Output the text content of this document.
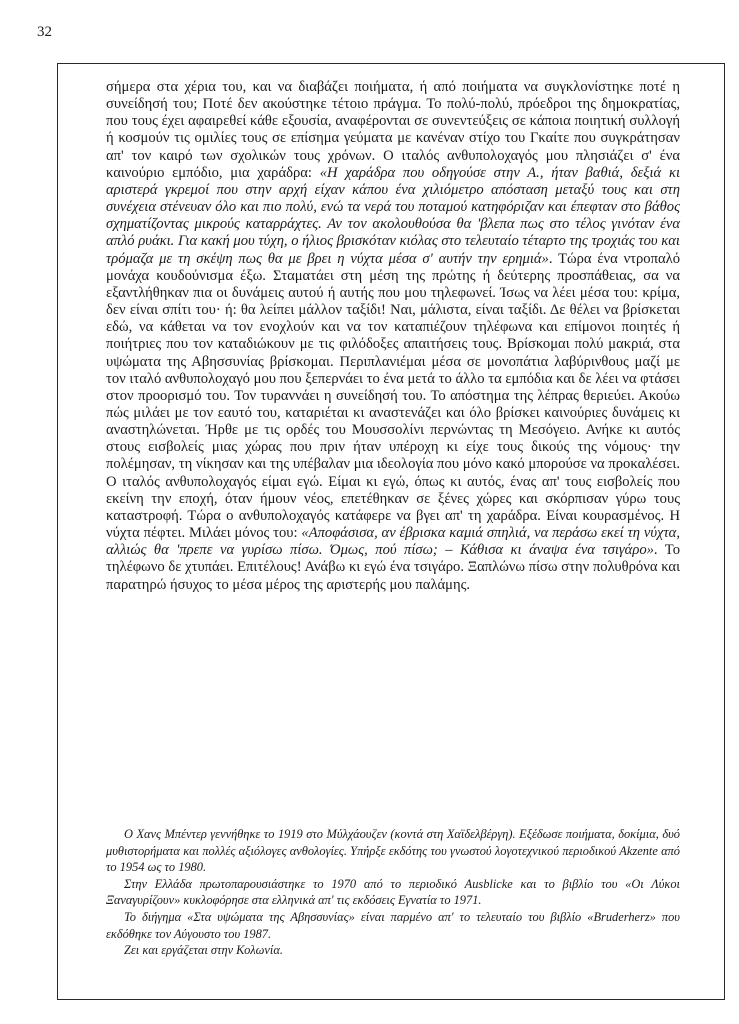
32

σήμερα στα χέρια του, και να διαβάζει ποιήματα, ή από ποιήματα να συγκλονίστηκε ποτέ η συνείδησή του; Ποτέ δεν ακούστηκε τέτοιο πράγμα. Το πολύ-πολύ, πρόεδροι της δημοκρατίας, που τους έχει αφαιρεθεί κάθε εξουσία, αναφέρονται σε συνεντεύξεις σε κάποια ποιητική συλλογή ή κοσμούν τις ομιλίες τους σε επίσημα γεύματα με κανέναν στίχο του Γκαίτε που συγκράτησαν απ' τον καιρό των σχολικών τους χρόνων. Ο ιταλός ανθυπολοχαγός μου πλησιάζει σ' ένα καινούριο εμπόδιο, μια χαράδρα: «Η χαράδρα που οδηγούσε στην Α., ήταν βαθιά, δεξιά κι αριστερά γκρεμοί που στην αρχή είχαν κάπου ένα χιλιόμετρο απόσταση μεταξύ τους και στη συνέχεια στένευαν όλο και πιο πολύ, ενώ τα νερά του ποταμού κατηφόριζαν και έπεφταν στο βάθος σχηματίζοντας μικρούς καταρράχτες. Αν τον ακολουθούσα θα 'βλεπα πως στο τέλος γινόταν ένα απλό ρυάκι. Για κακή μου τύχη, ο ήλιος βρισκόταν κιόλας στο τελευταίο τέταρτο της τροχιάς του και τρόμαζα με τη σκέψη πως θα με βρει η νύχτα μέσα σ' αυτήν την ερημιά». Τώρα ένα ντροπαλό μονάχα κουδούνισμα έξω. Σταματάει στη μέση της πρώτης ή δεύτερης προσπάθειας, σα να εξαντλήθηκαν πια οι δυνάμεις αυτού ή αυτής που μου τηλεφωνεί. Ίσως να λέει μέσα του: κρίμα, δεν είναι σπίτι του· ή: θα λείπει μάλλον ταξίδι! Ναι, μάλιστα, είναι ταξίδι. Δε θέλει να βρίσκεται εδώ, να κάθεται να τον ενοχλούν και να τον καταπιέζουν τηλέφωνα και επίμονοι ποιητές ή ποιήτριες που τον καταδιώκουν με τις φιλόδοξες απαιτήσεις τους. Βρίσκομαι πολύ μακριά, στα υψώματα της Αβησσυνίας βρίσκομαι. Περιπλανιέμαι μέσα σε μονοπάτια λαβύρινθους μαζί με τον ιταλό ανθυπολοχαγό μου που ξεπερνάει το ένα μετά το άλλο τα εμπόδια και δε λέει να φτάσει στον προορισμό του. Τον τυραννάει η συνείδησή του. Το απόστημα της λέπρας θεριεύει. Ακούω πώς μιλάει με τον εαυτό του, καταριέται κι αναστενάζει και όλο βρίσκει καινούριες δυνάμεις κι αναστηλώνεται. Ήρθε με τις ορδές του Μουσσολίνι περνώντας τη Μεσόγειο. Ανήκε κι αυτός στους εισβολείς μιας χώρας που πριν ήταν υπέροχη κι είχε τους δικούς της νόμους· την πολέμησαν, τη νίκησαν και της υπέβαλαν μια ιδεολογία που μόνο κακό μπορούσε να προκαλέσει. Ο ιταλός ανθυπολοχαγός είμαι εγώ. Είμαι κι εγώ, όπως κι αυτός, ένας απ' τους εισβολείς που εκείνη την εποχή, όταν ήμουν νέος, επετέθηκαν σε ξένες χώρες και σκόρπισαν γύρω τους καταστροφή. Τώρα ο ανθυπολοχαγός κατάφερε να βγει απ' τη χαράδρα. Είναι κουρασμένος. Η νύχτα πέφτει. Μιλάει μόνος του: «Αποφάσισα, αν έβρισκα καμιά σπηλιά, να περάσω εκεί τη νύχτα, αλλιώς θα 'πρεπε να γυρίσω πίσω. Όμως, πού πίσω; – Κάθισα κι άναψα ένα τσιγάρο». Το τηλέφωνο δε χτυπάει. Επιτέλους! Ανάβω κι εγώ ένα τσιγάρο. Ξαπλώνω πίσω στην πολυθρόνα και παρατηρώ ήσυχος το μέσα μέρος της αριστερής μου παλάμης.

Ο Χανς Μπέντερ γεννήθηκε το 1919 στο Μύλχάουζεν (κοντά στη Χαϊδελβέργη). Εξέδωσε ποιήματα, δοκίμια, δυό μυθιστορήματα και πολλές αξιόλογες ανθολογίες. Υπήρξε εκδότης του γνωστού λογοτεχνικού περιοδικού Akzente από το 1954 ως το 1980.

Στην Ελλάδα πρωτοπαρουσιάστηκε το 1970 από το περιοδικό Ausblicke και το βιβλίο του «Οι Λύκοι Ξαναγυρίζουν» κυκλοφόρησε στα ελληνικά απ' τις εκδόσεις Εγνατία το 1971.

Το διήγημα «Στα υψώματα της Αβησσυνίας» είναι παρμένο απ' το τελευταίο του βιβλίο «Bruderherz» που εκδόθηκε τον Αύγουστο του 1987.

Ζει και εργάζεται στην Κολωνία.
